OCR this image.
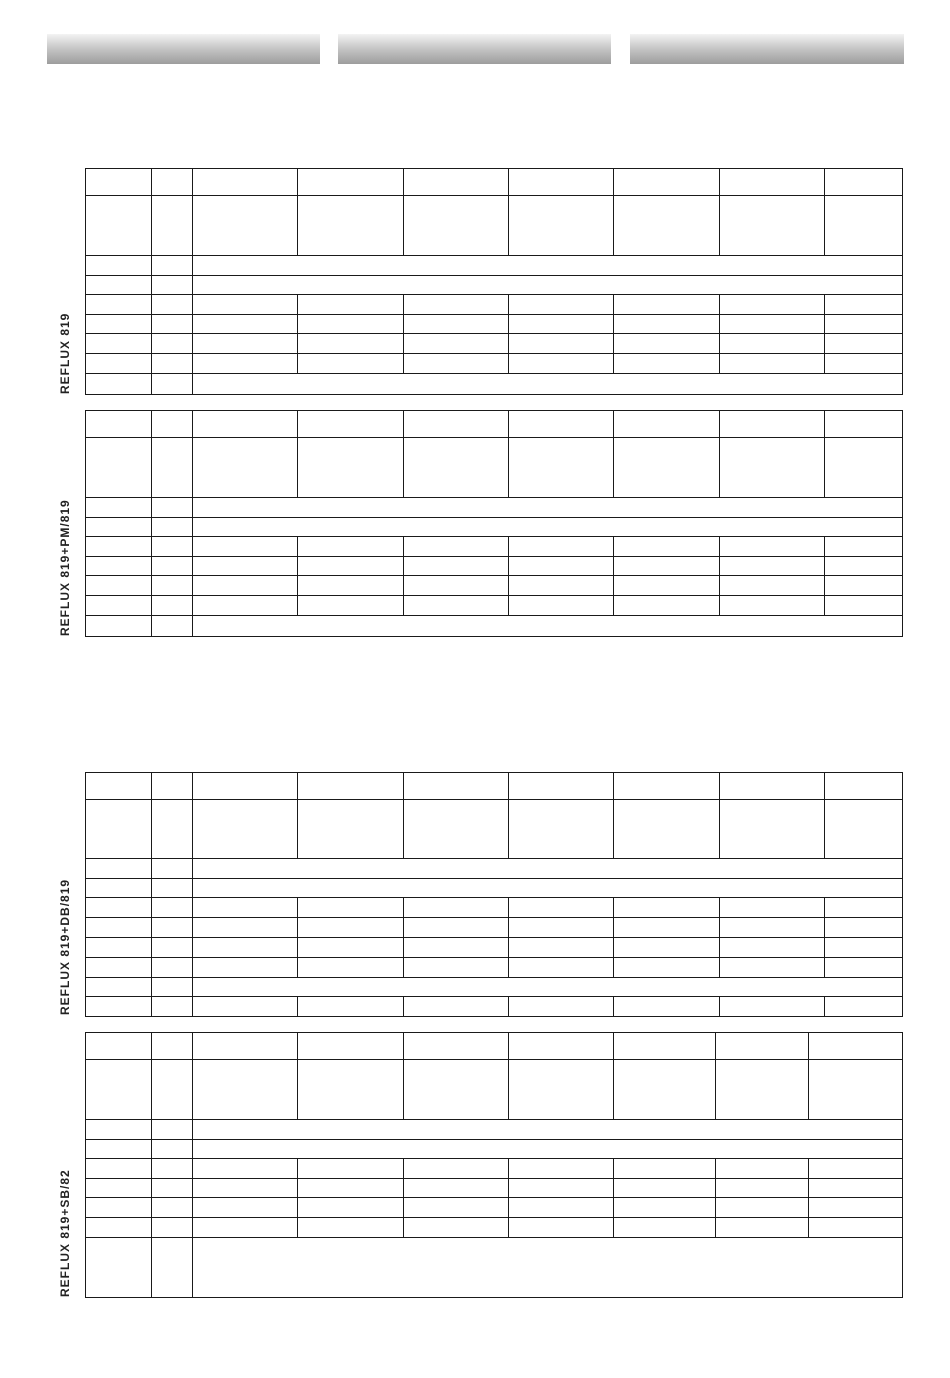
REFLUX 819
REFLUX 819+PM/819
REFLUX 819+DB/819
REFLUX 819+SB/82
